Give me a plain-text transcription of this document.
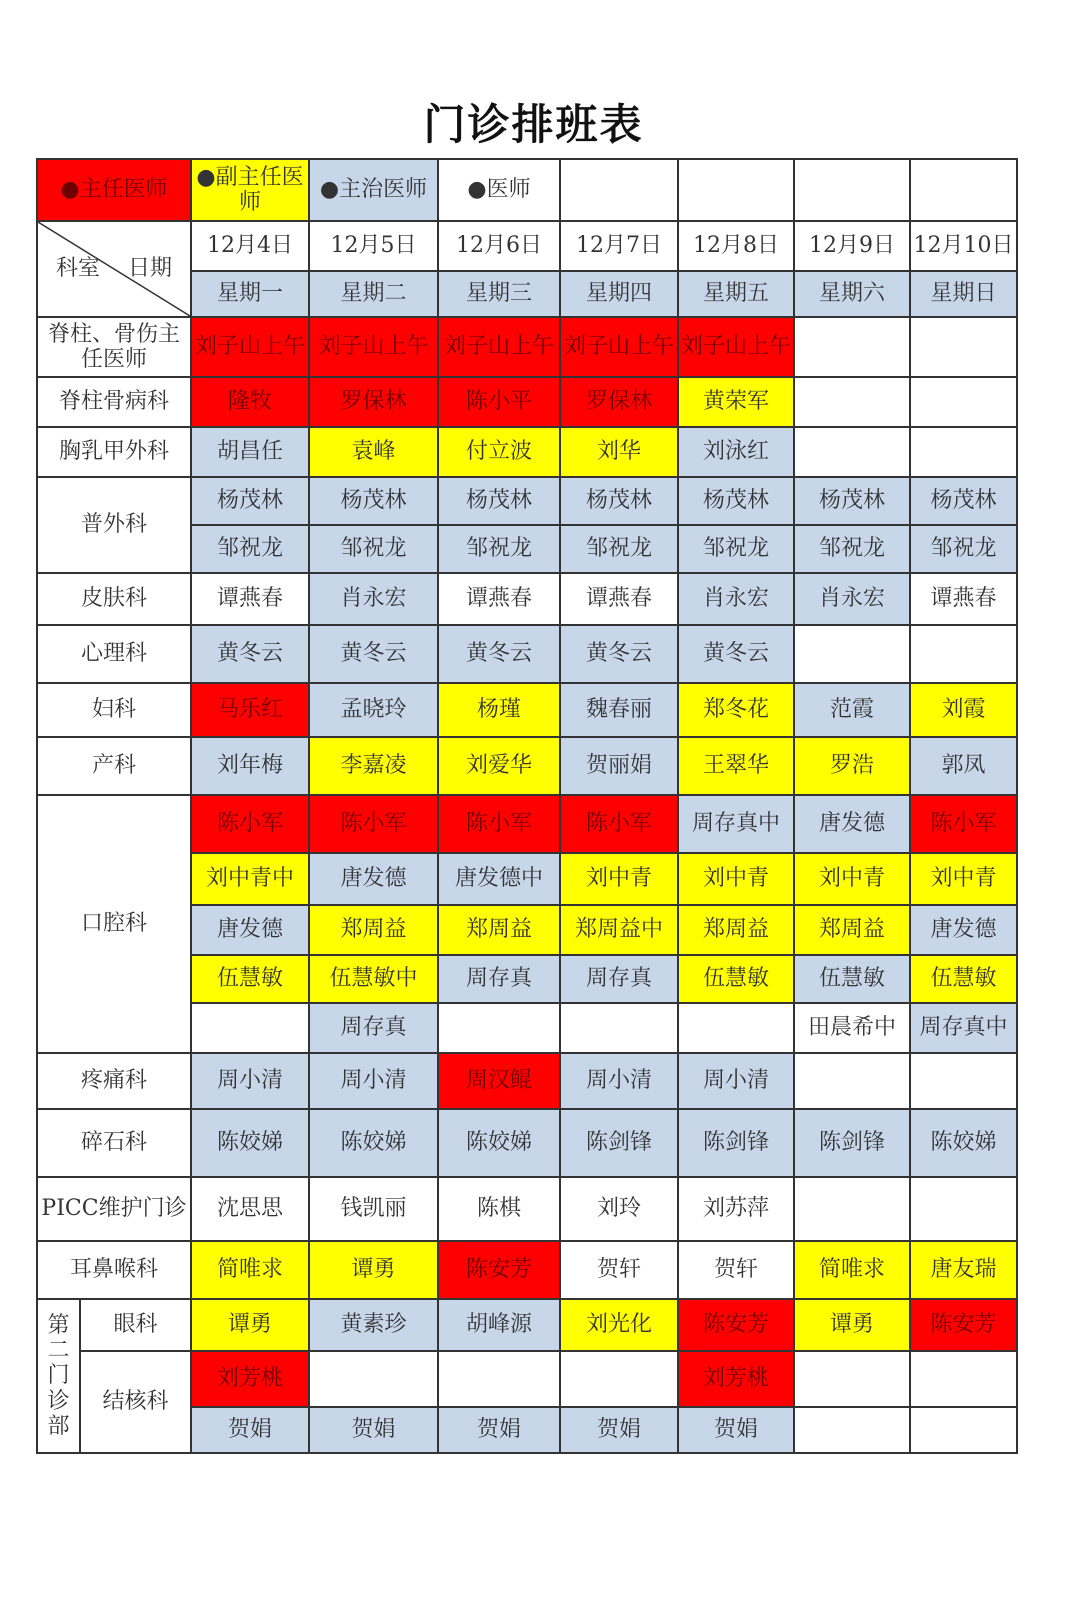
门诊排班表
●主任医师		●副主任医师	●主治医师	●医师				

科室 日期		12月4日	12月5日	12月6日	12月7日	12月8日	12月9日	12月10日
		星期一	星期二	星期三	星期四	星期五	星期六	星期日
脊柱、骨伤主任医师		刘子山上午	刘子山上午	刘子山上午	刘子山上午	刘子山上午		
脊柱骨病科		隆牧	罗保林	陈小平	罗保林	黄荣军		
胸乳甲外科		胡昌任	袁峰	付立波	刘华	刘泳红		
普外科		杨茂林	杨茂林	杨茂林	杨茂林	杨茂林	杨茂林	杨茂林
		邹祝龙	邹祝龙	邹祝龙	邹祝龙	邹祝龙	邹祝龙	邹祝龙
皮肤科		谭燕春	肖永宏	谭燕春	谭燕春	肖永宏	肖永宏	谭燕春
心理科		黄冬云	黄冬云	黄冬云	黄冬云	黄冬云		
妇科		马乐红	孟晓玲	杨瑾	魏春丽	郑冬花	范霞	刘霞
产科		刘年梅	李嘉凌	刘爱华	贺丽娟	王翠华	罗浩	郭凤
口腔科		陈小军	陈小军	陈小军	陈小军	周存真中	唐发德	陈小军
		刘中青中	唐发德	唐发德中	刘中青	刘中青	刘中青	刘中青
		唐发德	郑周益	郑周益	郑周益中	郑周益	郑周益	唐发德
		伍慧敏	伍慧敏中	周存真	周存真	伍慧敏	伍慧敏	伍慧敏
			周存真				田晨希中	周存真中
疼痛科		周小清	周小清	周汉鲲	周小清	周小清		
碎石科		陈姣娣	陈姣娣	陈姣娣	陈剑锋	陈剑锋	陈剑锋	陈姣娣
PICC维护门诊		沈思思	钱凯丽	陈棋	刘玲	刘苏萍		
耳鼻喉科		简唯求	谭勇	陈安芳	贺轩	贺轩	简唯求	唐友瑞

第
二
门
诊
部	眼科	谭勇	黄素珍	胡峰源	刘光化	陈安芳	谭勇	陈安芳
	结核科	刘芳桃				刘芳桃		
		贺娟	贺娟	贺娟	贺娟	贺娟		
